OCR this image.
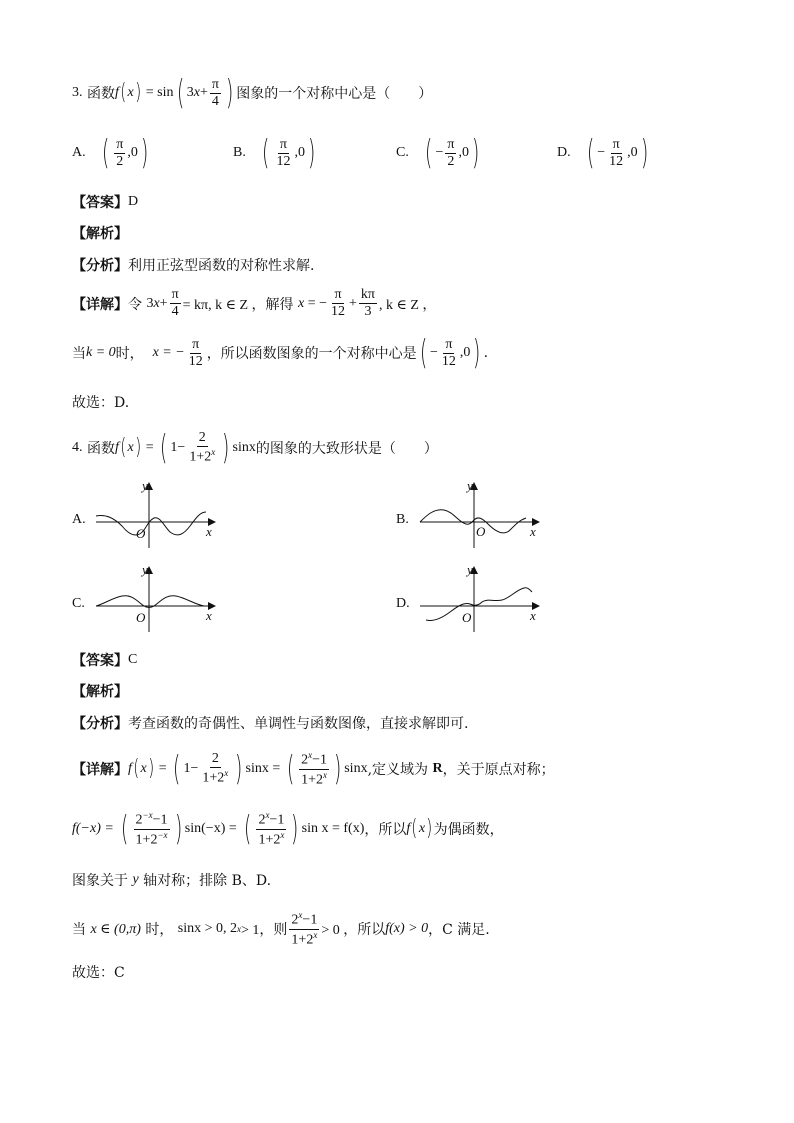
3.
函数 f ( x ) = sin ( 3 $x + \frac{\pi}{4}$ ) 图象的一个对称中心是（　　）
A.
( $\frac{\pi}{2} ,0$ )	B.
( $\frac{\pi}{12} ,0$ )	C.
( − $\frac{\pi}{2} ,0$ )	D.
( − $\frac{\pi}{12} ,0$ )
【答案】 D
【解析】
【分析】 利用正弦型函数的对称性求解.
【详解】 令
3 $x + \frac{\pi}{4} = k\pi$, k ∈ Z ，解得
x = − $\frac{\pi}{12} + \frac{k\pi}{3}$ , k ∈ Z ，
当 k = 0 时，
x = − $\frac{\pi}{12}$ ，所以函数图象的一个对称中心是 ( − $\frac{\pi}{12} ,0$ ) .
故选：D.
4.
函数 f ( x ) = ( $1- \frac{2}{1+2^x}$ ) sinx 的图象的大致形状是（　　）
A.	B.
C.	D.
y
x
O
y
x
O
y
x
O
y
x
O
【答案】 C
【解析】
【分析】 考查函数的奇偶性、单调性与函数图像，直接求解即可.
【详解】 f ( x ) = ( $1- \frac{2}{1+2^x}$ ) sinx = ( $\frac{2^x-1}{1+2^x}$ ) sinx ,定义域为
R ，关于原点对称；
f(−x) =
( $\frac{2^{-x}-1}{1+2^{-x}}$ ) sin(−x) =
( $\frac{2^x-1}{1+2^x}$ ) sin x = f(x) ，所以 f ( x ) 为偶函数，
图象关于
y
轴对称；排除 B、D.
当
x ∈ (0,π)
时，
sinx > 0, 2 x > 1，则 $\frac{2^x-1}{1+2^x} > 0$ ，所以 f(x) > 0 ，C 满足.
故选：C
